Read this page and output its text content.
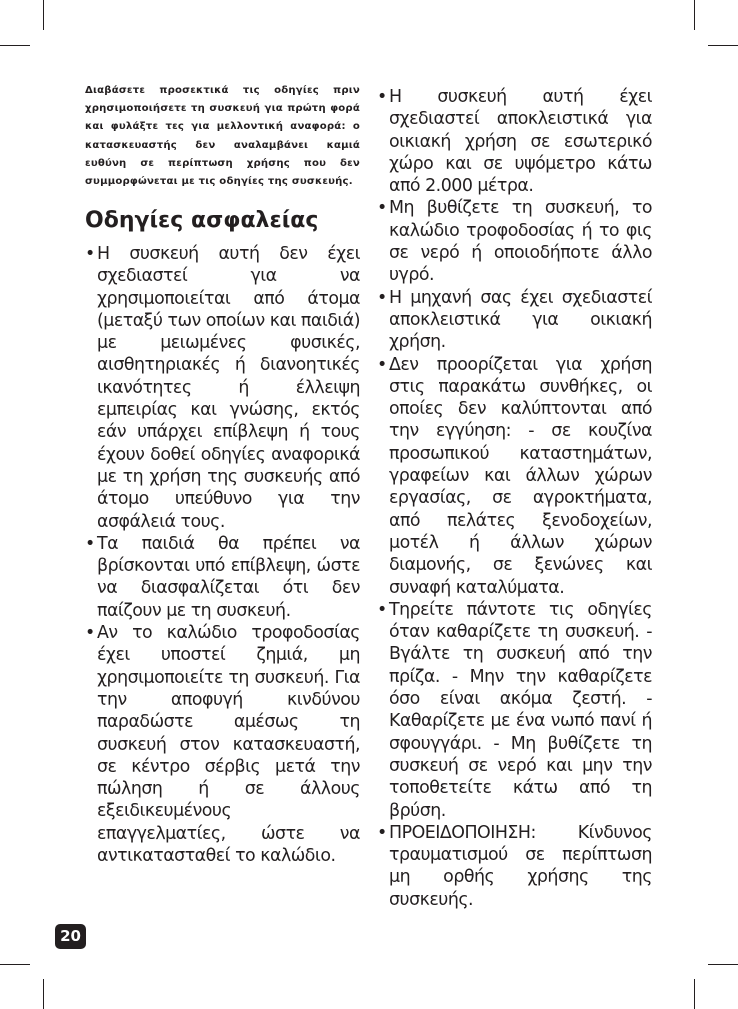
Διαβάσετε προσεκτικά τις οδηγίες πριν χρησιμοποιήσετε τη συσκευή για πρώτη φορά και φυλάξτε τες για μελλοντική αναφορά: ο κατασκευαστής δεν αναλαμβάνει καμιά ευθύνη σε περίπτωση χρήσης που δεν συμμορφώνεται με τις οδηγίες της συσκευής.
Οδηγίες ασφαλείας
• Η συσκευή αυτή δεν έχει σχεδιαστεί για να χρησιμοποιείται από άτομα (μεταξύ των οποίων και παιδιά) με μειωμένες φυσικές, αισθητηριακές ή διανοητικές ικανότητες ή έλλειψη εμπειρίας και γνώσης, εκτός εάν υπάρχει επίβλεψη ή τους έχουν δοθεί οδηγίες αναφορικά με τη χρήση της συσκευής από άτομο υπεύθυνο για την ασφάλειά τους.
• Τα παιδιά θα πρέπει να βρίσκονται υπό επίβλεψη, ώστε να διασφαλίζεται ότι δεν παίζουν με τη συσκευή.
• Αν το καλώδιο τροφοδοσίας έχει υποστεί ζημιά, μη χρησιμοποιείτε τη συσκευή. Για την αποφυγή κινδύνου παραδώστε αμέσως τη συσκευή στον κατασκευαστή, σε κέντρο σέρβις μετά την πώληση ή σε άλλους εξειδικευμένους επαγγελματίες, ώστε να αντικατασταθεί το καλώδιο.
• Η συσκευή αυτή έχει σχεδιαστεί αποκλειστικά για οικιακή χρήση σε εσωτερικό χώρο και σε υψόμετρο κάτω από 2.000 μέτρα.
• Μη βυθίζετε τη συσκευή, το καλώδιο τροφοδοσίας ή το φις σε νερό ή οποιοδήποτε άλλο υγρό.
• Η μηχανή σας έχει σχεδιαστεί αποκλειστικά για οικιακή χρήση.
• Δεν προορίζεται για χρήση στις παρακάτω συνθήκες, οι οποίες δεν καλύπτονται από την εγγύηση: - σε κουζίνα προσωπικού καταστημάτων, γραφείων και άλλων χώρων εργασίας, σε αγροκτήματα, από πελάτες ξενοδοχείων, μοτέλ ή άλλων χώρων διαμονής, σε ξενώνες και συναφή καταλύματα.
• Τηρείτε πάντοτε τις οδηγίες όταν καθαρίζετε τη συσκευή. - Βγάλτε τη συσκευή από την πρίζα. - Μην την καθαρίζετε όσο είναι ακόμα ζεστή. - Καθαρίζετε με ένα νωπό πανί ή σφουγγάρι. - Μη βυθίζετε τη συσκευή σε νερό και μην την τοποθετείτε κάτω από τη βρύση.
• ΠΡΟΕΙΔΟΠΟΙΗΣΗ: Κίνδυνος τραυματισμού σε περίπτωση μη ορθής χρήσης της συσκευής.
20
